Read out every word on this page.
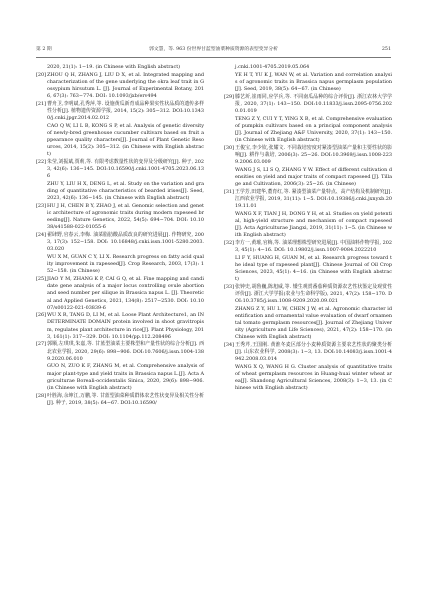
第 2 期	郭文慧，等. 963 份世界甘蓝型油菜种质资源的表型变异分析	251

2020, 21(1): 1−19. (in Chinese with English abstract)

[20]ZHOU Q H, ZHANG J, LIU D X, et al. Integrated mapping and characterization of the gene underlying the okra leaf trait in Gossypium hirsutum L. [J]. Journal of Experimental Botany, 2016, 67(3): 763−774. DOI: 10.1093/jxb/erv494

[21]曹舟卫,李明斌,孔秀萍,等. 设施黄瓜新育成品种果实性状品质的遗传多样性分析[J]. 植物遗传资源学报, 2014, 15(2): 305−312. DOI:10.13430/j.cnki.jpgr.2014.02.012

CAO Q W, LI L B, KONG S P, et al. Analysis of genetic diversity of newly-bred greenhouse cucumber cultivars based on fruit appearance quality characters[J]. Journal of Plant Genetic Resources, 2014, 15(2): 305−312. (in Chinese with English abstract)

[22]朱莹,刘振斌,贾莉,等. 有限考虑数量性状的变异及分级研究[J]. 种子, 2023, 42(6): 136−145. DOI:10.16590/j.cnki.1001-4705.2023.06.136

ZHU Y, LIU H X, DENG L, et al. Study on the variation and grading of quantitative characteristics of bearded irises[J]. Seed, 2023, 42(6): 136−145. (in Chinese with English abstract)

[23]HU J H, CHEN B Y, ZHAO J, et al. Genomic selection and genetic architecture of agronomic traits during modern rapeseed breeding[J]. Nature Genetics, 2022, 54(5): 694−704. DOI: 10.1038/s41588-022-01055-6

[24]翟肆野,官春云,李梅. 油菜脂肪酸品质改良的研究进展[J]. 作物研究, 2003, 17(3): 152−158. DOI: 10.16848/j.cnki.issn.1001-5280.2003.03.020

WU X M, GUAN C Y, LI X. Research progress on fatty acid quality improvement in rapeseed[J]. Crop Research, 2003, 17(3): 152−158. (in Chinese)

[25]JIAO Y M, ZHANG K P, CAI G Q, et al. Fine mapping and candidate gene analysis of a major locus controlling ovule abortion and seed number per silique in Brassica napus L. [J]. Theoretical and Applied Genetics, 2021, 134(8): 2517−2530. DOI: 10.1007/s00122-021-03839-6

[26]WU X R, TANG D, LI M, et al. Loose Plant Architecture1, an INDETERMINATE DOMAIN protein involved in shoot gravitropism, regulates plant architecture in rice[J]. Plant Physiology, 2013, 161(1): 317−329. DOI: 10.1104/pp.112.208496

[27]郭顺,左琪琪,朱嘉,等. 甘蓝型油菜主要株型和产量性状的综合分析[J]. 西北农业学报, 2020, 29(6): 898−906. DOI:10.7606/j.issn.1004-1389.2020.06.010

GUO N, ZUO K F, ZHANG M, et al. Comprehensive analysis of major plant-type and yield traits in Brassica napus L.[J]. Acta Agriculturae Boreali-occidentalis Sinica, 2020, 29(6): 898−906. (in Chinese with English abstract)

[28]叶胜海,余坤江,万鹏,等. 甘蓝型油菜种质群体农艺性状变异及相关性分析[J]. 种子, 2019, 38(5): 64−67. DOI:10.16590/

j.cnki.1001-4705.2019.05.064

YE H T, YU K J, WAN W, et al. Variation and correlation analysis of agronomic traits in Brassica napus germplasm population[J]. Seed, 2019, 38(5): 64−67. (in Chinese)

[29]滕艺圻,崔雨同,应学兵,等. 不同南瓜品种的综合评价[J]. 浙江农林大学学报, 2020, 37(1): 143−150. DOI:10.11833/j.issn.2095-0756.2020.01.019

TENG Z Y, CUI Y T, YING X B, et al. Comprehensive evaluation of pumpkin cultivars based on a principal component analysis[J]. Journal of Zhejiang A&F University, 2020, 37(1): 143−150. (in Chinese with English abstract)

[30]王俊宝,李少钦,张耀文. 不同栽培密度对紧凑型油菜产量和主要性状的影响[J]. 耕作与栽培, 2006(3): 25−26. DOI:10.3969/j.issn.1008-2239.2006.03.009

WANG J S, LI S Q, ZHANG Y W. Effect of different cultivation densities on yield and major traits of compact rapeseed [J]. Tillage and Cultivation, 2006(3): 25−26. (in Chinese)

[31]王学芳,田建华,董育红,等. 紧凑型油菜产量特点、高产结构及机制研究[J]. 江西农业学报, 2019, 31(11): 1−5. DOI:10.19386/j.cnki.jxnyxb.2019.11.01

WANG X F, TIAN J H, DONG Y H, et al. Studies on yield potential, high-yield structure and mechanism of compact rapeseed[J]. Acta Agriculturae Jiangxi, 2019, 31(11): 1−5. (in Chinese with English abstract)

[32]李方一,黄璀,官梅,等. 油菜理想株型研究进展[J]. 中国油料作物学报, 2023, 45(1): 4−16. DOI: 10.19802/j.issn.1007-9084.2022210

LI F Y, HUANG H, GUAN M, et al. Research progress toward the ideal type of rapeseed plant[J]. Chinese Journal of Oil Crop Sciences, 2023, 45(1): 4−16. (in Chinese with English abstract)

[33]张钟史,胡鲁巍,陈旭威,等. 矮生观赏番茄种质资源农艺性状鉴定及观赏性评价[J]. 浙江大学学报(农业与生命科学版), 2021, 47(2): 158−170. DOI:10.3785/j.issn.1008-9209.2020.09.021

ZHANG Z Y, HU L W, CHEN J W, et al. Agronomic character identification and ornamental value evaluation of dwarf ornamental tomato germplasm resources[J]. Journal of Zhejiang University (Agriculture and Life Sciences), 2021, 47(2): 158−170. (in Chinese with English abstract)

[34]王秀芹,王国刚. 黄淮冬麦区部分小麦种质资源主要农艺性状的聚类分析[J]. 山东农业科学, 2008(3): 1−3, 13. DOI:10.14083/j.issn.1001-4942.2008.03.014

WANG X Q, WANG H G. Cluster analysis of quantitative traits of wheat germplasm resources in Huang-huai winter wheat area[J]. Shandong Agricultural Sciences, 2008(3): 1−3, 13. (in Chinese with English abstract)
